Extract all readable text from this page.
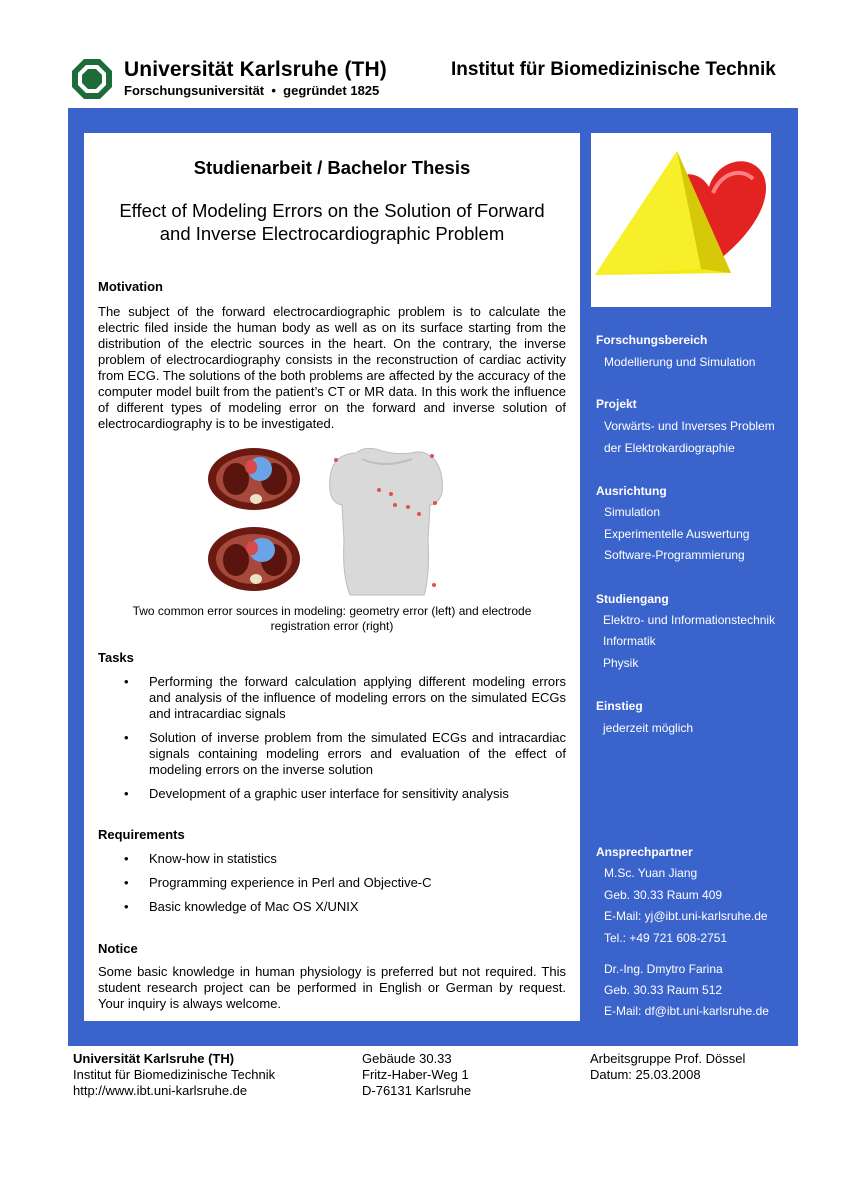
Universität Karlsruhe (TH)
Forschungsuniversität • gegründet 1825
Institut für Biomedizinische Technik
Studienarbeit / Bachelor Thesis
Effect of Modeling Errors on the Solution of Forward
and Inverse Electrocardiographic Problem
Motivation
The subject of the forward electrocardiographic problem is to calculate the electric filed inside the human body as well as on its surface starting from the distribution of the electric sources in the heart. On the contrary, the inverse problem of electrocardiography consists in the reconstruction of cardiac activity from ECG. The solutions of the both problems are affected by the accuracy of the computer model built from the patient’s CT or MR data. In this work the influence of different types of modeling error on the forward and inverse solution of electrocardiography is to be investigated.
Two common error sources in modeling: geometry error (left) and electrode registration error (right)
Tasks
• Performing the forward calculation applying different modeling errors and analysis of the influence of modeling errors on the simulated ECGs and intracardiac signals
• Solution of inverse problem from the simulated ECGs and intracardiac signals containing modeling errors and evaluation of the effect of modeling errors on the inverse solution
• Development of a graphic user interface for sensitivity analysis
Requirements
• Know-how in statistics
• Programming experience in Perl and Objective-C
• Basic knowledge of Mac OS X/UNIX
Notice
Some basic knowledge in human physiology is preferred but not required. This student research project can be performed in English or German by request. Your inquiry is always welcome.
Forschungsbereich
Modellierung und Simulation
Projekt
Vorwärts- und Inverses Problem
der Elektrokardiographie
Ausrichtung
Simulation
Experimentelle Auswertung
Software-Programmierung
Studiengang
Elektro- und Informationstechnik
Informatik
Physik
Einstieg
jederzeit möglich
Ansprechpartner
M.Sc. Yuan Jiang
Geb. 30.33 Raum 409
E-Mail: yj@ibt.uni-karlsruhe.de
Tel.: +49 721 608-2751
Dr.-Ing. Dmytro Farina
Geb. 30.33 Raum 512
E-Mail: df@ibt.uni-karlsruhe.de
Universität Karlsruhe (TH)
Institut für Biomedizinische Technik
http://www.ibt.uni-karlsruhe.de
Gebäude 30.33
Fritz-Haber-Weg 1
D-76131 Karlsruhe
Arbeitsgruppe Prof. Dössel
Datum: 25.03.2008
